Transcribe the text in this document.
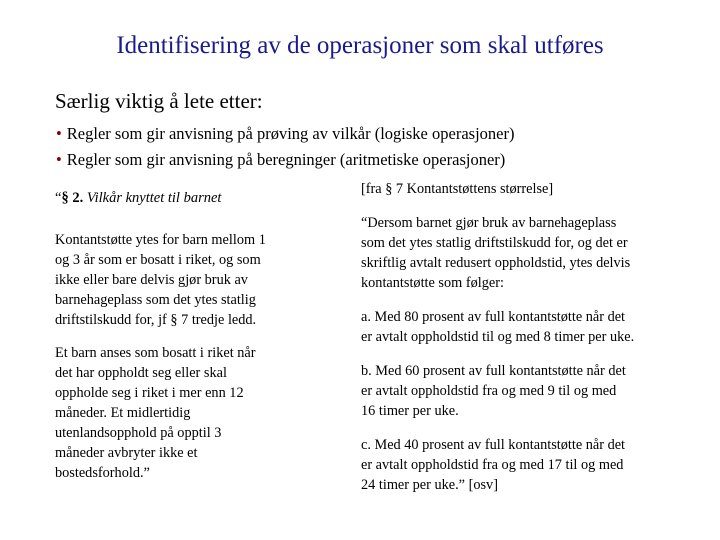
Identifisering av de operasjoner som skal utføres
Særlig viktig å lete etter:
• Regler som gir anvisning på prøving av vilkår (logiske operasjoner)
• Regler som gir anvisning på beregninger (aritmetiske operasjoner)
“§ 2. Vilkår knyttet til barnet

Kontantstøtte ytes for barn mellom 1

og 3 år som er bosatt i riket, og som

ikke eller bare delvis gjør bruk av

barnehageplass som det ytes statlig

driftstilskudd for, jf § 7 tredje ledd.

Et barn anses som bosatt i riket når

det har oppholdt seg eller skal

oppholde seg i riket i mer enn 12

måneder. Et midlertidig

utenlandsopphold på opptil 3

måneder avbryter ikke et

bostedsforhold.”

[fra § 7 Kontantstøttens størrelse]

“Dersom barnet gjør bruk av barnehageplass
som det ytes statlig driftstilskudd for, og det er
skriftlig avtalt redusert oppholdstid, ytes delvis
kontantstøtte som følger:
a. Med 80 prosent av full kontantstøtte når det
er avtalt oppholdstid til og med 8 timer per uke.
b. Med 60 prosent av full kontantstøtte når det
er avtalt oppholdstid fra og med 9 til og med
16 timer per uke.
c. Med 40 prosent av full kontantstøtte når det
er avtalt oppholdstid fra og med 17 til og med
24 timer per uke.” [osv]
